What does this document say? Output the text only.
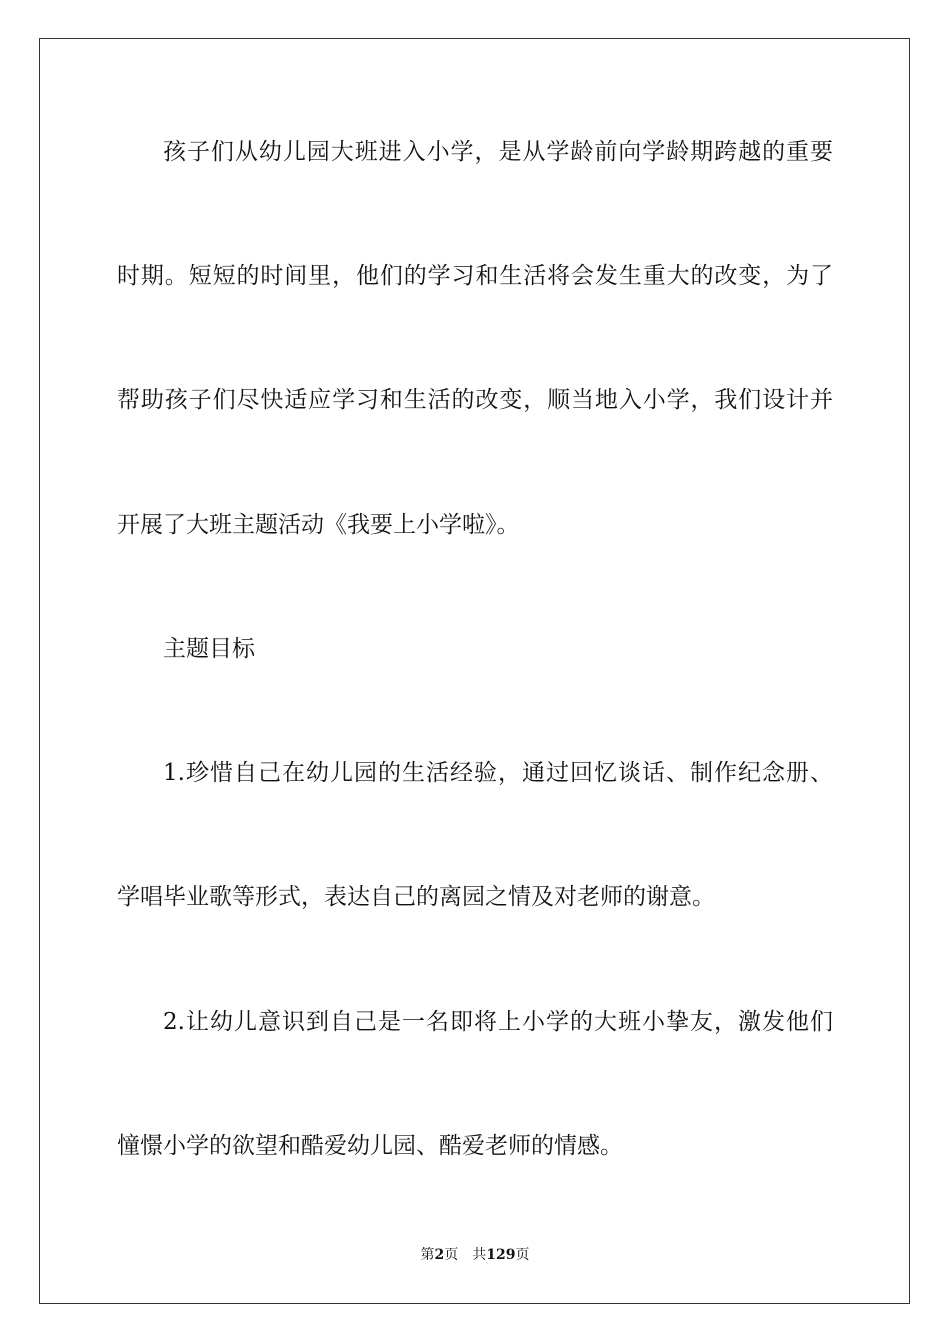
孩子们从幼儿园大班进入小学，是从学龄前向学龄期跨越的重要

时期。短短的时间里，他们的学习和生活将会发生重大的改变，为了

帮助孩子们尽快适应学习和生活的改变，顺当地入小学，我们设计并

开展了大班主题活动《我要上小学啦》。

主题目标

1.珍惜自己在幼儿园的生活经验，通过回忆谈话、制作纪念册、

学唱毕业歌等形式，表达自己的离园之情及对老师的谢意。

2.让幼儿意识到自己是一名即将上小学的大班小挚友，激发他们

憧憬小学的欲望和酷爱幼儿园、酷爱老师的情感。

第2页 共129页
